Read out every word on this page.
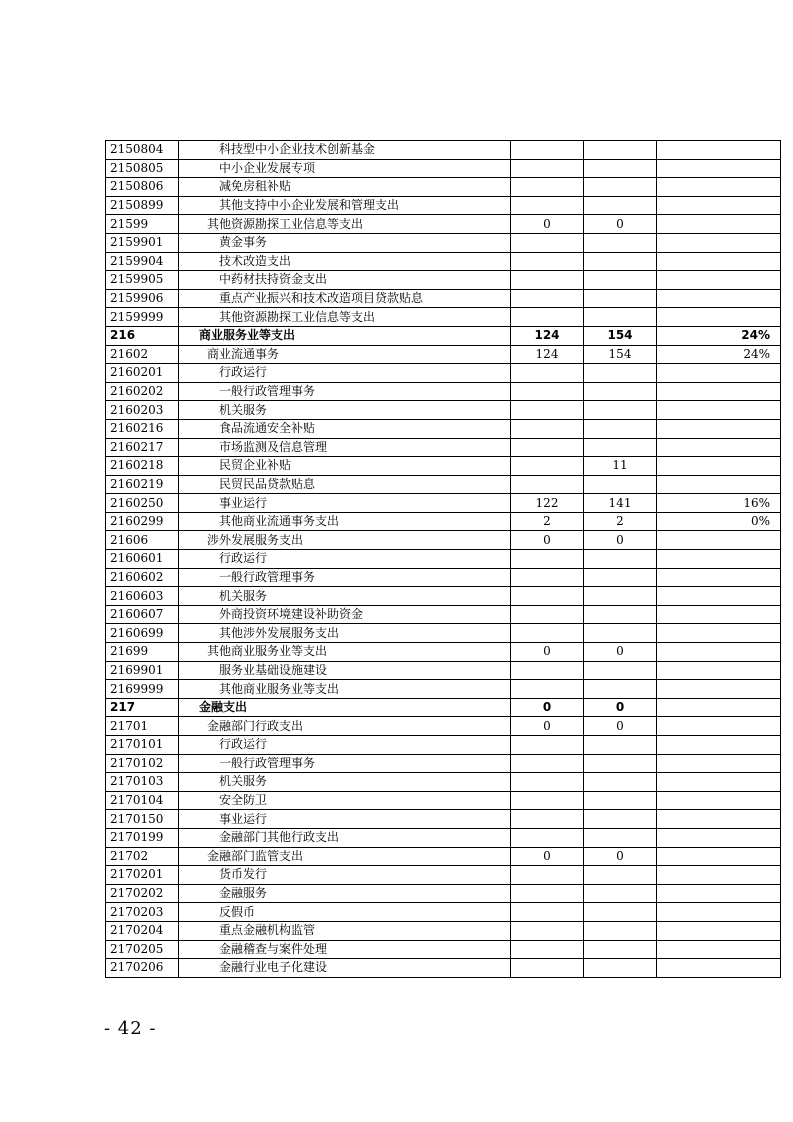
2150804	科技型中小企业技术创新基金			
2150805	中小企业发展专项			
2150806	减免房租补贴			
2150899	其他支持中小企业发展和管理支出			
21599	其他资源勘探工业信息等支出	0	0	
2159901	黄金事务			
2159904	技术改造支出			
2159905	中药材扶持资金支出			
2159906	重点产业振兴和技术改造项目贷款贴息			
2159999	其他资源勘探工业信息等支出			
216	商业服务业等支出	124	154	24%
21602	商业流通事务	124	154	24%
2160201	行政运行			
2160202	一般行政管理事务			
2160203	机关服务			
2160216	食品流通安全补贴			
2160217	市场监测及信息管理			
2160218	民贸企业补贴		11	
2160219	民贸民品贷款贴息			
2160250	事业运行	122	141	16%
2160299	其他商业流通事务支出	2	2	0%
21606	涉外发展服务支出	0	0	
2160601	行政运行			
2160602	一般行政管理事务			
2160603	机关服务			
2160607	外商投资环境建设补助资金			
2160699	其他涉外发展服务支出			
21699	其他商业服务业等支出	0	0	
2169901	服务业基础设施建设			
2169999	其他商业服务业等支出			
217	金融支出	0	0	
21701	金融部门行政支出	0	0	
2170101	行政运行			
2170102	一般行政管理事务			
2170103	机关服务			
2170104	安全防卫			
2170150	事业运行			
2170199	金融部门其他行政支出			
21702	金融部门监管支出	0	0	
2170201	货币发行			
2170202	金融服务			
2170203	反假币			
2170204	重点金融机构监管			
2170205	金融稽查与案件处理			
2170206	金融行业电子化建设			
- 42 -
